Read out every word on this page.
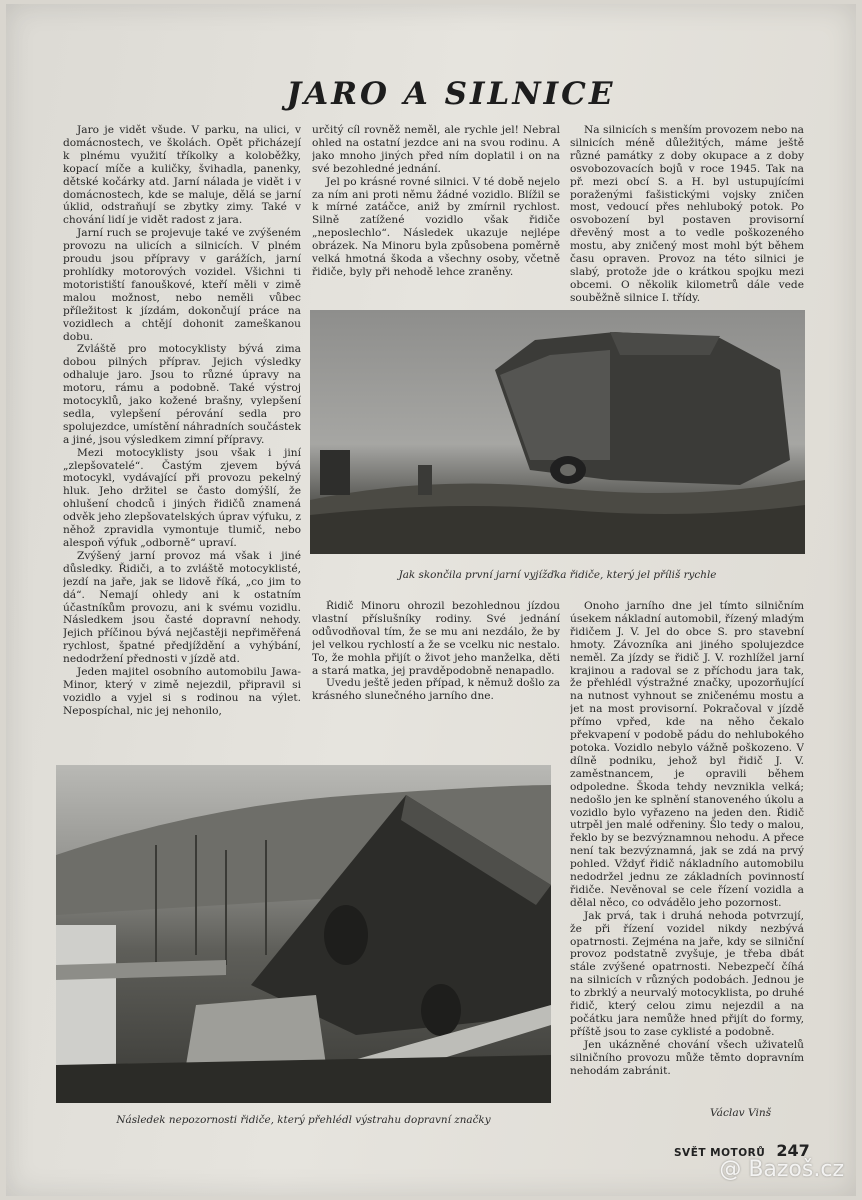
JARO A SILNICE

Jaro je vidět všude. V parku, na ulici, v domácnostech, ve školách. Opět přicházejí k plnému využití tříkolky a koloběžky, kopací míče a kuličky, švihadla, panenky, dětské kočárky atd. Jarní nálada je vidět i v domácnostech, kde se maluje, dělá se jarní úklid, odstraňují se zbytky zimy. Také v chování lidí je vidět radost z jara.

Jarní ruch se projevuje také ve zvýšeném provozu na ulicích a silnicích. V plném proudu jsou přípravy v garážích, jarní prohlídky motorových vozidel. Všichni ti motoristiští fanouškové, kteří měli v zimě malou možnost, nebo neměli vůbec příležitost k jízdám, dokončují práce na vozidlech a chtějí dohonit zameškanou dobu.

Zvláště pro motocyklisty bývá zima dobou pilných příprav. Jejich výsledky odhaluje jaro. Jsou to různé úpravy na motoru, rámu a podobně. Také výstroj motocyklů, jako kožené brašny, vylepšení sedla, vylepšení pérování sedla pro spolujezdce, umístění náhradních součástek a jiné, jsou výsledkem zimní přípravy.

Mezi motocyklisty jsou však i jiní „zlepšovatelé“. Častým zjevem bývá motocykl, vydávající při provozu pekelný hluk. Jeho držitel se často domýšlí, že ohlušení chodců i jiných řidičů znamená odvěk jeho zlepšovatelských úprav výfuku, z něhož zpravidla vymontuje tlumič, nebo alespoň výfuk „odborně“ upraví.

Zvýšený jarní provoz má však i jiné důsledky. Řidiči, a to zvláště motocyklisté, jezdí na jaře, jak se lidově říká, „co jim to dá“. Nemají ohledy ani k ostatním účastníkům provozu, ani k svému vozidlu. Následkem jsou časté dopravní nehody. Jejich příčinou bývá nejčastěji nepřiměřená rychlost, špatné předjíždění a vyhýbání, nedodržení přednosti v jízdě atd.

Jeden majitel osobního automobilu Jawa-Minor, který v zimě nejezdil, připravil si vozidlo a vyjel si s rodinou na výlet. Nepospíchal, nic jej nehonilo,

určitý cíl rovněž neměl, ale rychle jel! Nebral ohled na ostatní jezdce ani na svou rodinu. A jako mnoho jiných před ním doplatil i on na své bezohledné jednání.

Jel po krásné rovné silnici. V té době nejelo za ním ani proti němu žádné vozidlo. Blížil se k mírné zatáčce, aniž by zmírnil rychlost. Silně zatížené vozidlo však řidiče „neposlechlo“. Následek ukazuje nejlépe obrázek. Na Minoru byla způsobena poměrně velká hmotná škoda a všechny osoby, včetně řidiče, byly při nehodě lehce zraněny.

Na silnicích s menším provozem nebo na silnicích méně důležitých, máme ještě různé památky z doby okupace a z doby osvobozovacích bojů v roce 1945. Tak na př. mezi obcí S. a H. byl ustupujícími poraženými fašistickými vojsky zničen most, vedoucí přes nehluboký potok. Po osvobození byl postaven provisorní dřevěný most a to vedle poškozeného mostu, aby zničený most mohl být během času opraven. Provoz na této silnici je slabý, protože jde o krátkou spojku mezi obcemi. O několik kilometrů dále vede souběžně silnice I. třídy.

Jak skončila první jarní vyjížďka řidiče, který jel příliš rychle

Řidič Minoru ohrozil bezohlednou jízdou vlastní příslušníky rodiny. Své jednání odůvodňoval tím, že se mu ani nezdálo, že by jel velkou rychlostí a že se vcelku nic nestalo. To, že mohla přijít o život jeho manželka, děti a stará matka, jej pravděpodobně nenapadlo.

Uvedu ještě jeden případ, k němuž došlo za krásného slunečného jarního dne.

Onoho jarního dne jel tímto silničním úsekem nákladní automobil, řízený mladým řidičem J. V. Jel do obce S. pro stavební hmoty. Závozníka ani jiného spolujezdce neměl. Za jízdy se řidič J. V. rozhlížel jarní krajinou a radoval se z příchodu jara tak, že přehlédl výstražné značky, upozorňující na nutnost vyhnout se zničenému mostu a jet na most provisorní. Pokračoval v jízdě přímo vpřed, kde na něho čekalo překvapení v podobě pádu do nehlubokého potoka. Vozidlo nebylo vážně poškozeno. V dílně podniku, jehož byl řidič J. V. zaměstnancem, je opravili během odpoledne. Škoda tehdy nevznikla velká; nedošlo jen ke splnění stanoveného úkolu a vozidlo bylo vyřazeno na jeden den. Řidič utrpěl jen malé odřeniny. Šlo tedy o malou, řeklo by se bezvýznamnou nehodu. A přece není tak bezvýznamná, jak se zdá na prvý pohled. Vždyť řidič nákladního automobilu nedodržel jednu ze základních povinností řidiče. Nevěnoval se cele řízení vozidla a dělal něco, co odvádělo jeho pozornost.

Jak prvá, tak i druhá nehoda potvrzují, že při řízení vozidel nikdy nezbývá opatrnosti. Zejména na jaře, kdy se silniční provoz podstatně zvyšuje, je třeba dbát stále zvýšené opatrnosti. Nebezpečí číhá na silnicích v různých podobách. Jednou je to zbrklý a neurvalý motocyklista, po druhé řidič, který celou zimu nejezdil a na počátku jara nemůže hned přijít do formy, příště jsou to zase cyklisté a podobně.

Jen ukázněné chování všech uživatelů silničního provozu může těmto dopravním nehodám zabránit.

Následek nepozornosti řidiče, který přehlédl výstrahu dopravní značky
Václav Vinš
SVĚT MOTORŮ 247
@ Bazoš.cz
